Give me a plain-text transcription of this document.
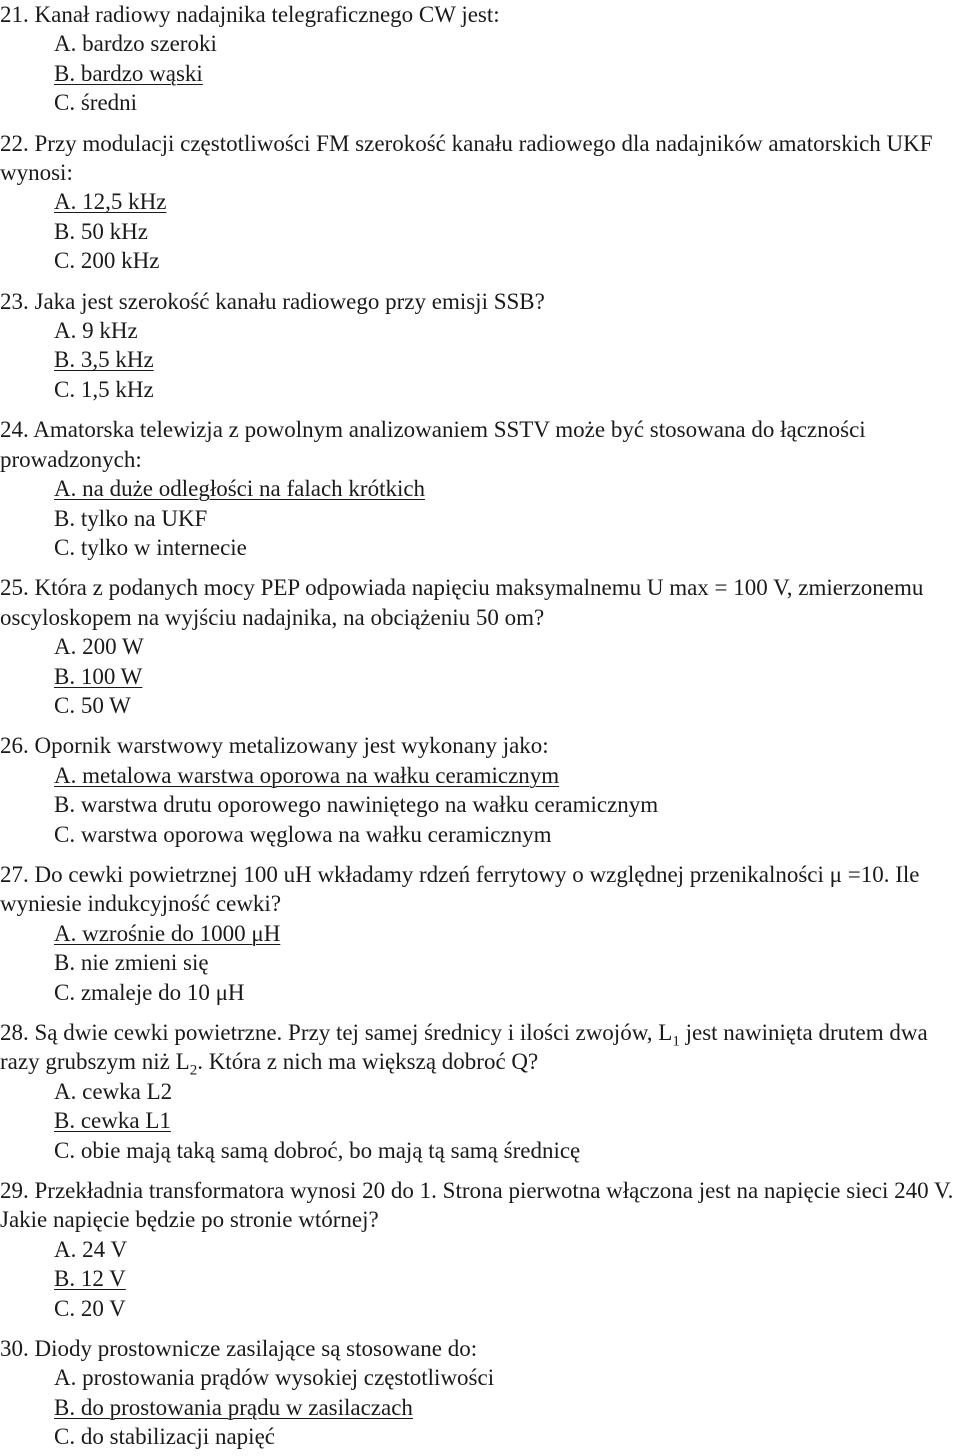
21. Kanał radiowy nadajnika telegraficznego CW jest:
A. bardzo szeroki
B. bardzo wąski
C. średni
22. Przy modulacji częstotliwości FM szerokość kanału radiowego dla nadajników amatorskich UKF wynosi:
A. 12,5 kHz
B. 50 kHz
C. 200 kHz
23. Jaka jest szerokość kanału radiowego przy emisji SSB?
A. 9 kHz
B. 3,5 kHz
C. 1,5 kHz
24. Amatorska telewizja z powolnym analizowaniem SSTV może być stosowana do łączności prowadzonych:
A. na duże odległości na falach krótkich
B. tylko na UKF
C. tylko w internecie
25. Która z podanych mocy PEP odpowiada napięciu maksymalnemu U max = 100 V, zmierzonemu oscyloskopem na wyjściu nadajnika, na obciążeniu 50 om?
A. 200 W
B. 100 W
C. 50 W
26. Opornik warstwowy metalizowany jest wykonany jako:
A. metalowa warstwa oporowa na wałku ceramicznym
B. warstwa drutu oporowego nawiniętego na wałku ceramicznym
C. warstwa oporowa węglowa na wałku ceramicznym
27. Do cewki powietrznej 100 uH wkładamy rdzeń ferrytowy o względnej przenikalności μ =10. Ile wyniesie indukcyjność cewki?
A. wzrośnie do 1000 μH
B. nie zmieni się
C. zmaleje do 10 μH
28. Są dwie cewki powietrzne. Przy tej samej średnicy i ilości zwojów, $L_1$ jest nawinięta drutem dwa razy grubszym niż $L_2$. Która z nich ma większą dobroć Q?
A. cewka L2
B. cewka L1
C. obie mają taką samą dobroć, bo mają tą samą średnicę
29. Przekładnia transformatora wynosi 20 do 1. Strona pierwotna włączona jest na napięcie sieci 240 V. Jakie napięcie będzie po stronie wtórnej?
A. 24 V
B. 12 V
C. 20 V
30. Diody prostownicze zasilające są stosowane do:
A. prostowania prądów wysokiej częstotliwości
B. do prostowania prądu w zasilaczach
C. do stabilizacji napięć
